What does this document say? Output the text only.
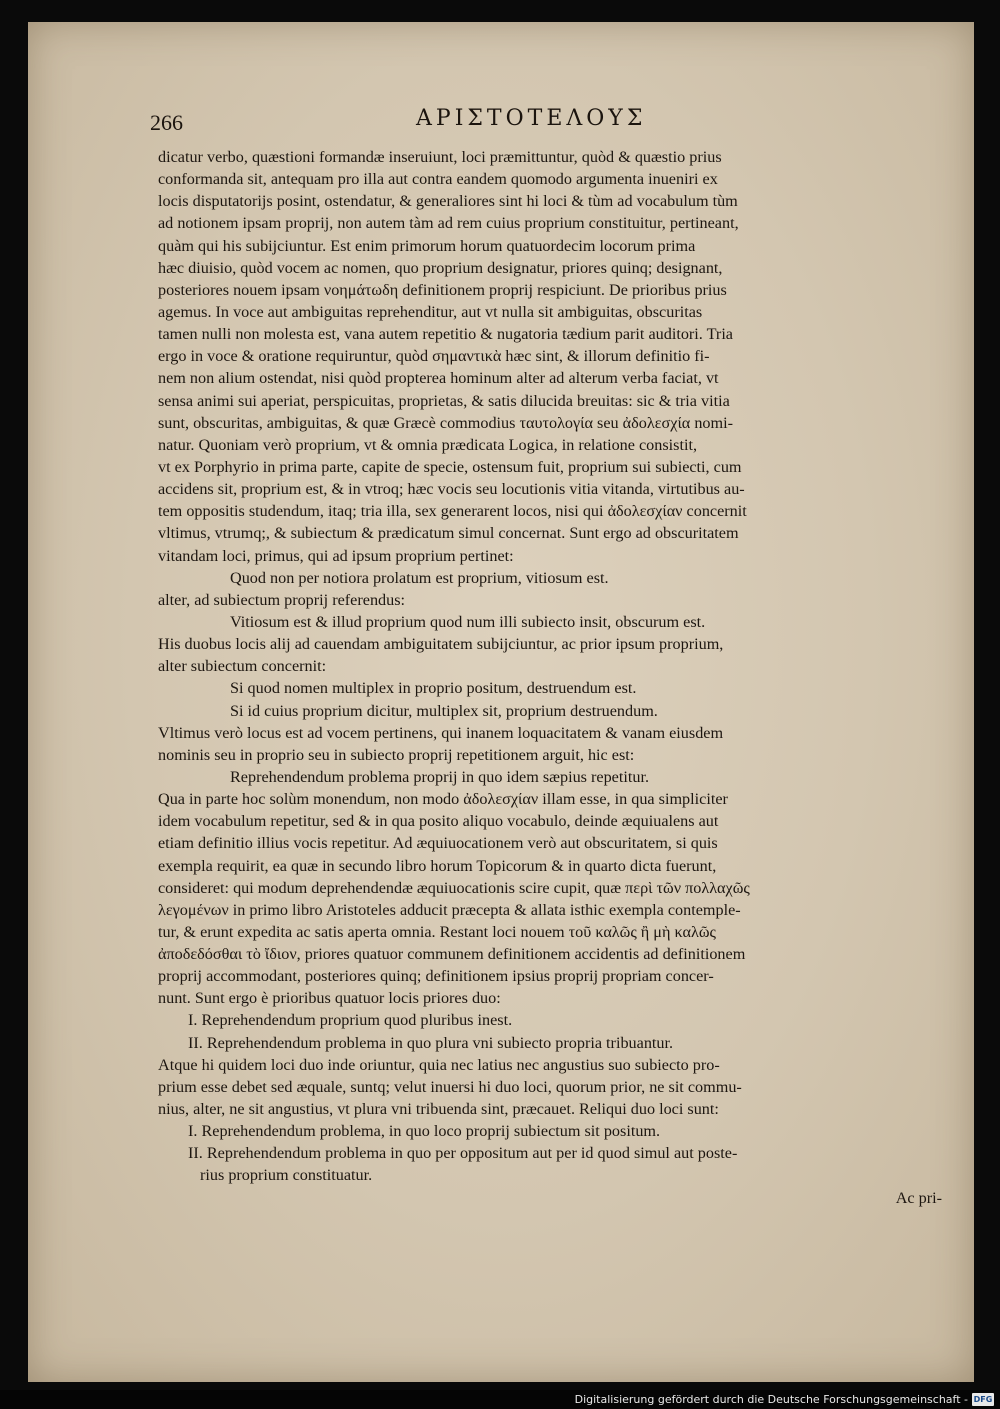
266	ΑΡΙΣΤΟΤΕΛΟΥΣ
dicatur verbo, quæstioni formandæ inseruiunt, loci præmittuntur, quòd & quæstio prius
conformanda sit, antequam pro illa aut contra eandem quomodo argumenta inueniri ex
locis disputatorijs posint, ostendatur, & generaliores sint hi loci & tùm ad vocabulum tùm
ad notionem ipsam proprij, non autem tàm ad rem cuius proprium constituitur, pertineant,
quàm qui his subijciuntur. Est enim primorum horum quatuordecim locorum prima
hæc diuisio, quòd vocem ac nomen, quo proprium designatur, priores quinq; designant,
posteriores nouem ipsam νοημάτωδη definitionem proprij respiciunt. De prioribus prius
agemus. In voce aut ambiguitas reprehenditur, aut vt nulla sit ambiguitas, obscuritas
tamen nulli non molesta est, vana autem repetitio & nugatoria tædium parit auditori. Tria
ergo in voce & oratione requiruntur, quòd σημαντικὰ hæc sint, & illorum definitio fi-
nem non alium ostendat, nisi quòd propterea hominum alter ad alterum verba faciat, vt
sensa animi sui aperiat, perspicuitas, proprietas, & satis dilucida breuitas: sic & tria vitia
sunt, obscuritas, ambiguitas, & quæ Græcè commodius ταυτολογία seu ἀδολεσχία nomi-
natur. Quoniam verò proprium, vt & omnia prædicata Logica, in relatione consistit,
vt ex Porphyrio in prima parte, capite de specie, ostensum fuit, proprium sui subiecti, cum
accidens sit, proprium est, & in vtroq; hæc vocis seu locutionis vitia vitanda, virtutibus au-
tem oppositis studendum, itaq; tria illa, sex generarent locos, nisi qui ἀδολεσχίαν concernit
vltimus, vtrumq;, & subiectum & prædicatum simul concernat. Sunt ergo ad obscuritatem
vitandam loci, primus, qui ad ipsum proprium pertinet:
Quod non per notiora prolatum est proprium, vitiosum est.
alter, ad subiectum proprij referendus:
Vitiosum est & illud proprium quod num illi subiecto insit, obscurum est.
His duobus locis alij ad cauendam ambiguitatem subijciuntur, ac prior ipsum proprium,
alter subiectum concernit:
Si quod nomen multiplex in proprio positum, destruendum est.
Si id cuius proprium dicitur, multiplex sit, proprium destruendum.
Vltimus verò locus est ad vocem pertinens, qui inanem loquacitatem & vanam eiusdem
nominis seu in proprio seu in subiecto proprij repetitionem arguit, hic est:
Reprehendendum problema proprij in quo idem sæpius repetitur.
Qua in parte hoc solùm monendum, non modo ἀδολεσχίαν illam esse, in qua simpliciter
idem vocabulum repetitur, sed & in qua posito aliquo vocabulo, deinde æquiualens aut
etiam definitio illius vocis repetitur. Ad æquiuocationem verò aut obscuritatem, si quis
exempla requirit, ea quæ in secundo libro horum Topicorum & in quarto dicta fuerunt,
consideret: qui modum deprehendendæ æquiuocationis scire cupit, quæ περὶ τῶν πολλαχῶς
λεγομένων in primo libro Aristoteles adducit præcepta & allata isthic exempla contemple-
tur, & erunt expedita ac satis aperta omnia. Restant loci nouem τοῦ καλῶς ἢ μὴ καλῶς
ἀποδεδόσθαι τὸ ἴδιον, priores quatuor communem definitionem accidentis ad definitionem
proprij accommodant, posteriores quinq; definitionem ipsius proprij propriam concer-
nunt. Sunt ergo è prioribus quatuor locis priores duo:
I. Reprehendendum proprium quod pluribus inest.
II. Reprehendendum problema in quo plura vni subiecto propria tribuantur.
Atque hi quidem loci duo inde oriuntur, quia nec latius nec angustius suo subiecto pro-
prium esse debet sed æquale, suntq; velut inuersi hi duo loci, quorum prior, ne sit commu-
nius, alter, ne sit angustius, vt plura vni tribuenda sint, præcauet. Reliqui duo loci sunt:
I. Reprehendendum problema, in quo loco proprij subiectum sit positum.
II. Reprehendendum problema in quo per oppositum aut per id quod simul aut poste-
rius proprium constituatur.
Ac pri-
Digitalisierung gefördert durch die Deutsche Forschungsgemeinschaft - DFG
